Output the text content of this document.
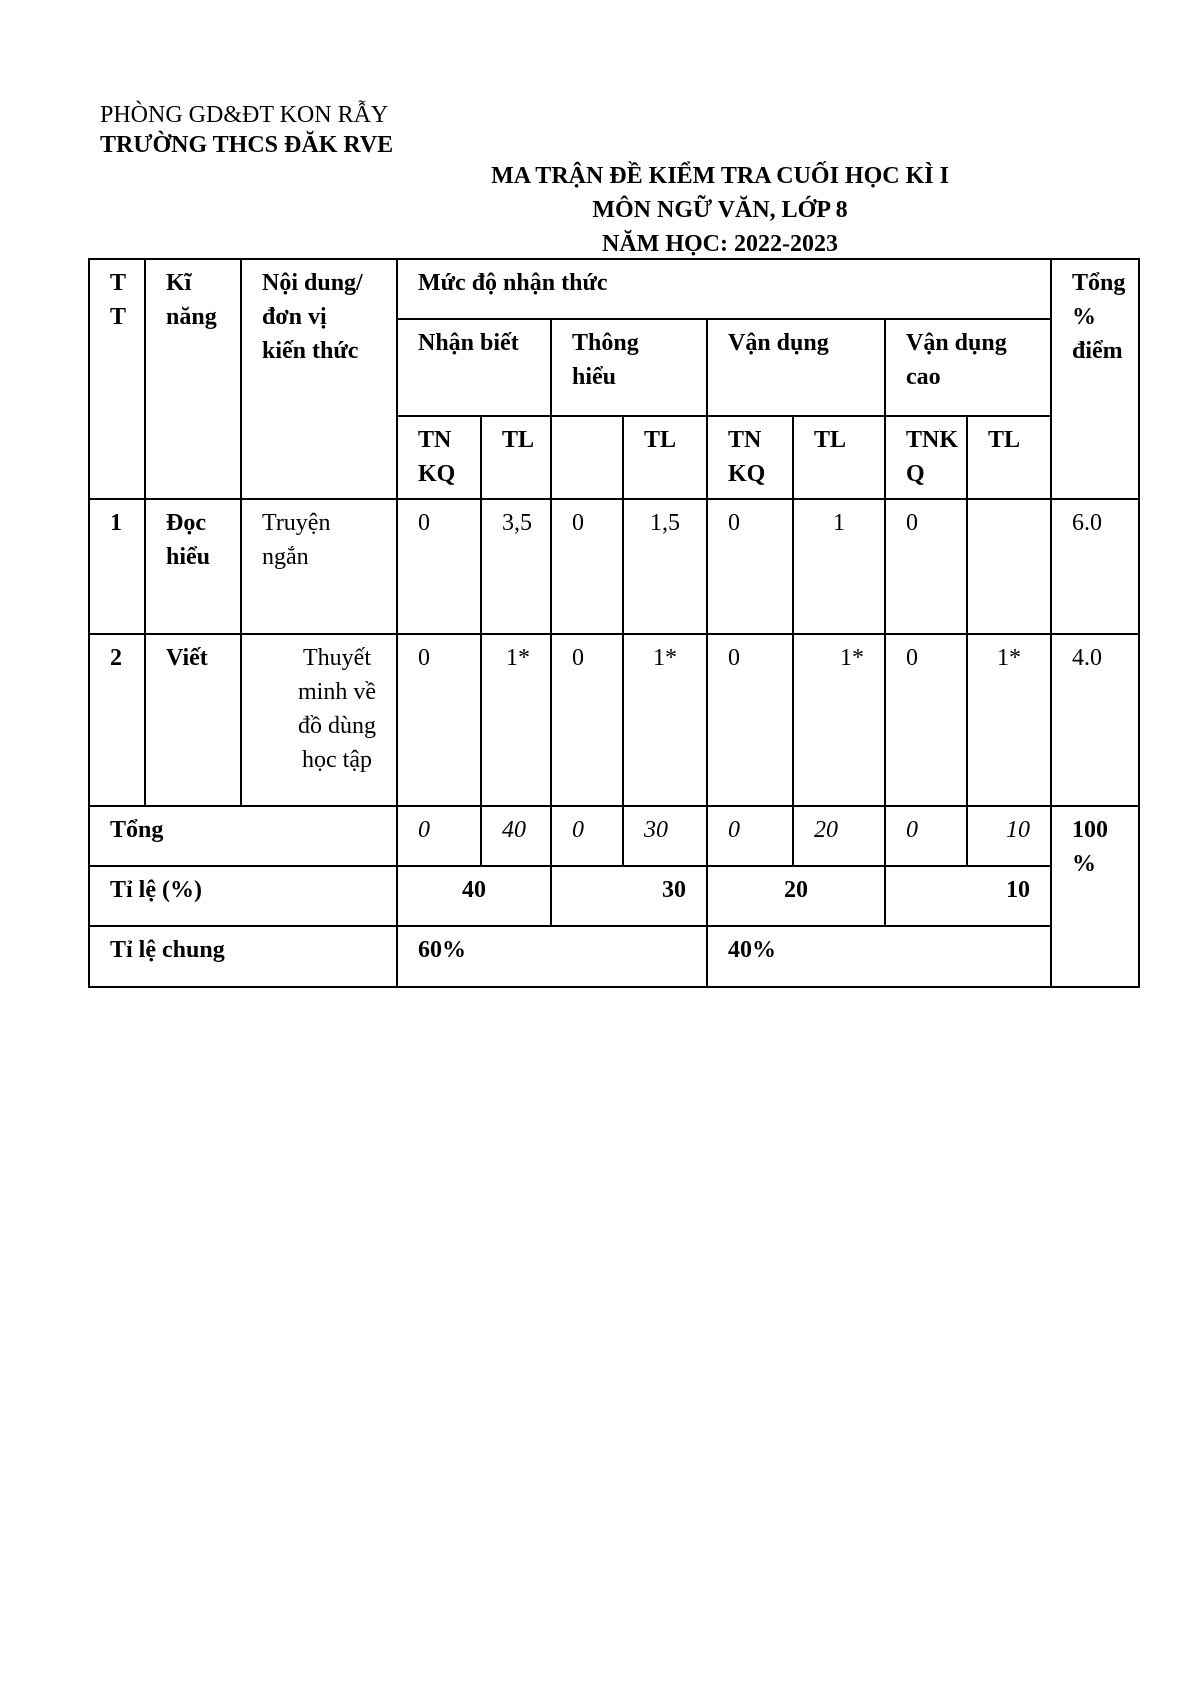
PHÒNG GD&ĐT KON RẪY
TRƯỜNG THCS ĐĂK RVE
MA TRẬN ĐỀ KIỂM TRA CUỐI HỌC KÌ I
MÔN NGỮ VĂN, LỚP 8
NĂM HỌC: 2022-2023
T T	Kĩ năng	Nội dung/đơn vị kiến thức	Mức độ nhận thức								Tổng % điểm
			Nhận biết		Thông hiểu		Vận dụng		Vận dụng cao		
			TN KQ	TL		TL	TN KQ	TL	TNK Q	TL	
1	Đọc hiểu	Truyện ngắn	0	3,5	0	1,5	0	1	0		6.0
2	Viết	Thuyết minh về đồ dùng học tập	0	1*	0	1*	0	1*	0	1*	4.0
Tổng			0	40	0	30	0	20	0	10	100 %
Tỉ lệ (%)			40		30		20		10		
Tỉ lệ chung			60%				40%				
